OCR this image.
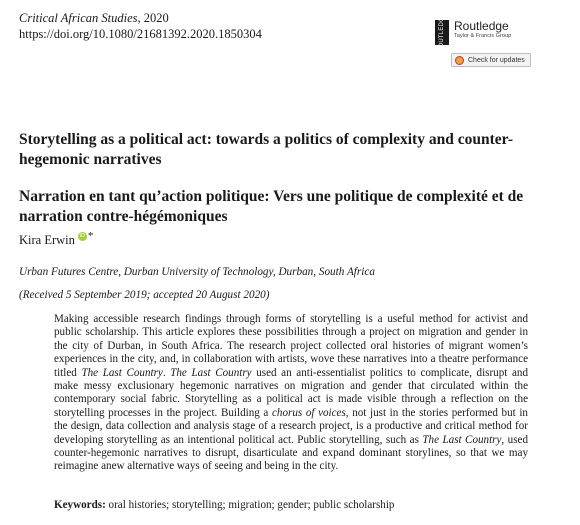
Critical African Studies, 2020

https://doi.org/10.1080/21681392.2020.1850304	ROUTLEDGE Routledge
Taylor & Francis Group
Check for updates
Storytelling as a political act: towards a politics of complexity and counter-hegemonic narratives
Narration en tant qu’action politique: Vers une politique de complexité et de narration contre-hégémoniques
Kira Erwin iD *

Urban Futures Centre, Durban University of Technology, Durban, South Africa

(Received 5 September 2019; accepted 20 August 2020)

Making accessible research findings through forms of storytelling is a useful method for activist and public scholarship. This article explores these possibilities through a project on migration and gender in the city of Durban, in South Africa. The research project collected oral histories of migrant women’s experiences in the city, and, in collaboration with artists, wove these narratives into a theatre performance titled The Last Country. The Last Country used an anti-essentialist politics to complicate, disrupt and make messy exclusionary hegemonic narratives on migration and gender that circulated within the contemporary social fabric. Storytelling as a political act is made visible through a reflection on the storytelling processes in the project. Building a chorus of voices, not just in the stories performed but in the design, data collection and analysis stage of a research project, is a productive and critical method for developing storytelling as an intentional political act. Public storytelling, such as The Last Country, used counter-hegemonic narratives to disrupt, disarticulate and expand dominant storylines, so that we may reimagine anew alternative ways of seeing and being in the city.

Keywords: oral histories; storytelling; migration; gender; public scholarship
